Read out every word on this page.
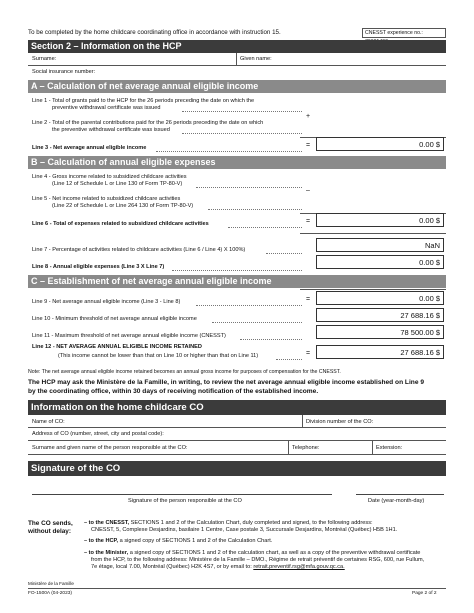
To be completed by the home childcare coordinating office in accordance with instruction 15.	CNESST experience no.:
Section 2 – Information on the HCP
Surname:	Given name:
Social insurance number:
A – Calculation of net average annual eligible income
Line 1 - Total of grants paid to the HCP for the 26 periods preceding the date on which the
preventive withdrawal certificate was issued
+
Line 2 - Total of the parental contributions paid for the 26 periods preceding the date on which
the preventive withdrawal certificate was issued
Line 3 - Net average annual eligible income	=	0.00 $
B – Calculation of annual eligible expenses
Line 4 - Gross income related to subsidized childcare activities
(Line 12 of Schedule L or Line 130 of Form TP-80-V)
–
Line 5 - Net income related to subsidized childcare activities
(Line 22 of Schedule L or Line 264 130 of Form TP-80-V)
Line 6 - Total of expenses related to subsidized childcare activities	=	0.00 $
Line 7 - Percentage of activities related to childcare activities (Line 6 / Line 4) X 100%)	NaN
Line 8 - Annual eligible expenses (Line 3 X Line 7)	0.00 $
C – Establishment of net average annual eligible income
Line 9 - Net average annual eligible income (Line 3 - Line 8)	=	0.00 $
Line 10 - Minimum threshold of net average annual eligible income	27 688.16 $
Line 11 - Maximum threshold of net average annual eligible income (CNESST)	78 500.00 $
Line 12 - NET AVERAGE ANNUAL ELIGIBLE INCOME RETAINED
(This income cannot be lower than that on Line 10 or higher than that on Line 11)	=	27 688.16 $
Note: The net average annual eligible income retained becomes an annual gross income for purposes of compensation for the CNESST.
The HCP may ask the Ministère de la Famille, in writing, to review the net average annual eligible income established on Line 9
by the coordinating office, within 30 days of receiving notification of the established income.
Information on the home childcare CO
Name of CO:	Division number of the CO:
Address of CO (number, street, city and postal code):
Surname and given name of the person responsible at the CO:	Telephone:	Extension:
Signature of the CO
Signature of the person responsible at the CO	Date (year-month-day)
The CO sends,
without delay:
– to the CNESST, SECTIONS 1 and 2 of the Calculation Chart, duly completed and signed, to the following address:
CNESST, 5, Complexe Desjardins, basilaire 1 Centre, Case postale 3, Succursale Desjardins, Montréal (Québec) H5B 1H1.
– to the HCP, a signed copy of SECTIONS 1 and 2 of the Calculation Chart.
– to the Minister, a signed copy of SECTIONS 1 and 2 of the calculation chart, as well as a copy of the preventive withdrawal certificate
from the HCP, to the following address: Ministère de la Famille – DMO., Régime de retrait préventif de certaines RSG, 600, rue Fullum,
7e étage, local 7.00, Montréal (Québec) H2K 4S7, or by email to: retrait.preventif.rsg@mfa.gouv.qc.ca.
Ministère de la Famille
FO-1500A (04-2023)	Page 2 of 2
